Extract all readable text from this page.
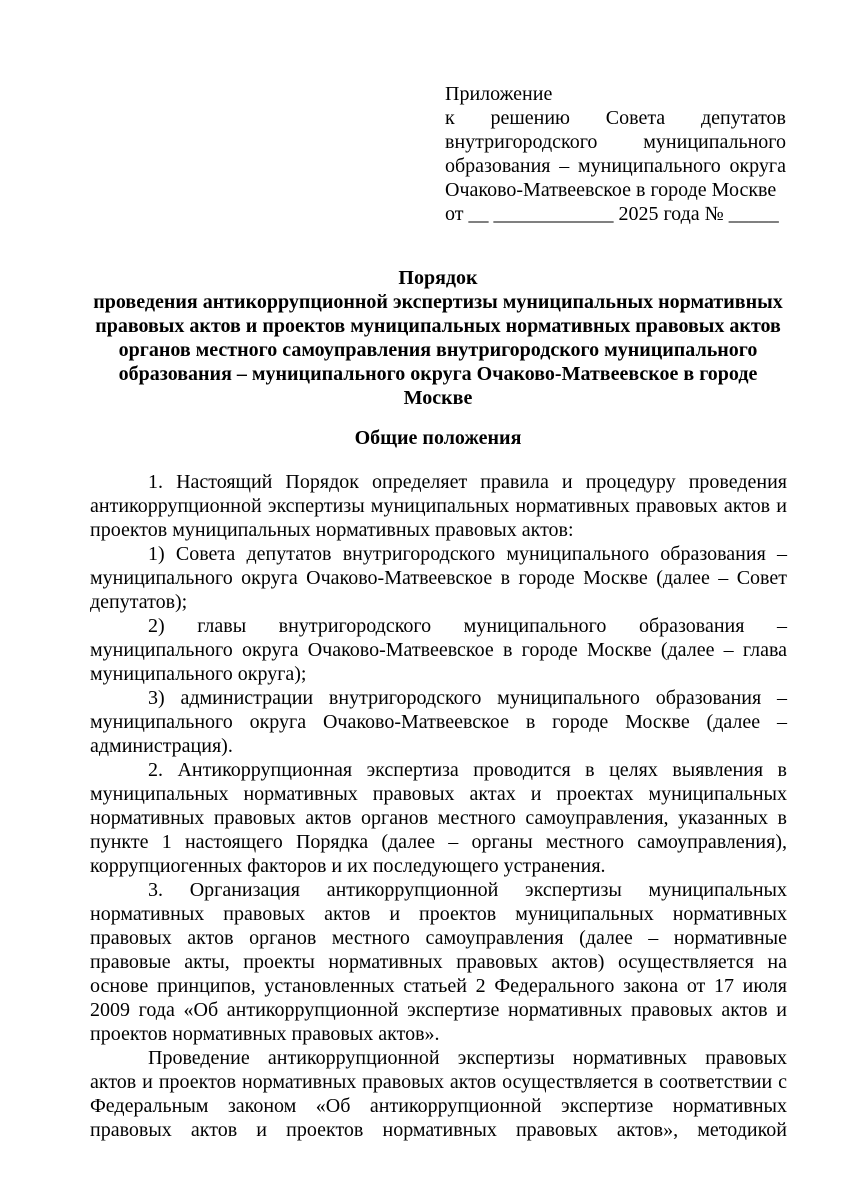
Приложение
к решению Совета депутатов
внутригородского муниципального
образования – муниципального округа
Очаково-Матвеевское в городе Москве
от __ ____________ 2025 года № _____
Порядок
проведения антикоррупционной экспертизы муниципальных нормативных
правовых актов и проектов муниципальных нормативных правовых актов
органов местного самоуправления внутригородского муниципального
образования – муниципального округа Очаково-Матвеевское в городе
Москве
Общие положения
1. Настоящий Порядок определяет правила и процедуру проведения
антикоррупционной экспертизы муниципальных нормативных правовых актов и
проектов муниципальных нормативных правовых актов:
1) Совета депутатов внутригородского муниципального образования –
муниципального округа Очаково-Матвеевское в городе Москве (далее – Совет
депутатов);
2) главы внутригородского муниципального образования –
муниципального округа Очаково-Матвеевское в городе Москве (далее – глава
муниципального округа);
3) администрации внутригородского муниципального образования –
муниципального округа Очаково-Матвеевское в городе Москве (далее –
администрация).
2. Антикоррупционная экспертиза проводится в целях выявления в
муниципальных нормативных правовых актах и проектах муниципальных
нормативных правовых актов органов местного самоуправления, указанных в
пункте 1 настоящего Порядка (далее – органы местного самоуправления),
коррупциогенных факторов и их последующего устранения.
3. Организация антикоррупционной экспертизы муниципальных
нормативных правовых актов и проектов муниципальных нормативных
правовых актов органов местного самоуправления (далее – нормативные
правовые акты, проекты нормативных правовых актов) осуществляется на
основе принципов, установленных статьей 2 Федерального закона от 17 июля
2009 года «Об антикоррупционной экспертизе нормативных правовых актов и
проектов нормативных правовых актов».
Проведение антикоррупционной экспертизы нормативных правовых
актов и проектов нормативных правовых актов осуществляется в соответствии с
Федеральным законом «Об антикоррупционной экспертизе нормативных
правовых актов и проектов нормативных правовых актов», методикой
